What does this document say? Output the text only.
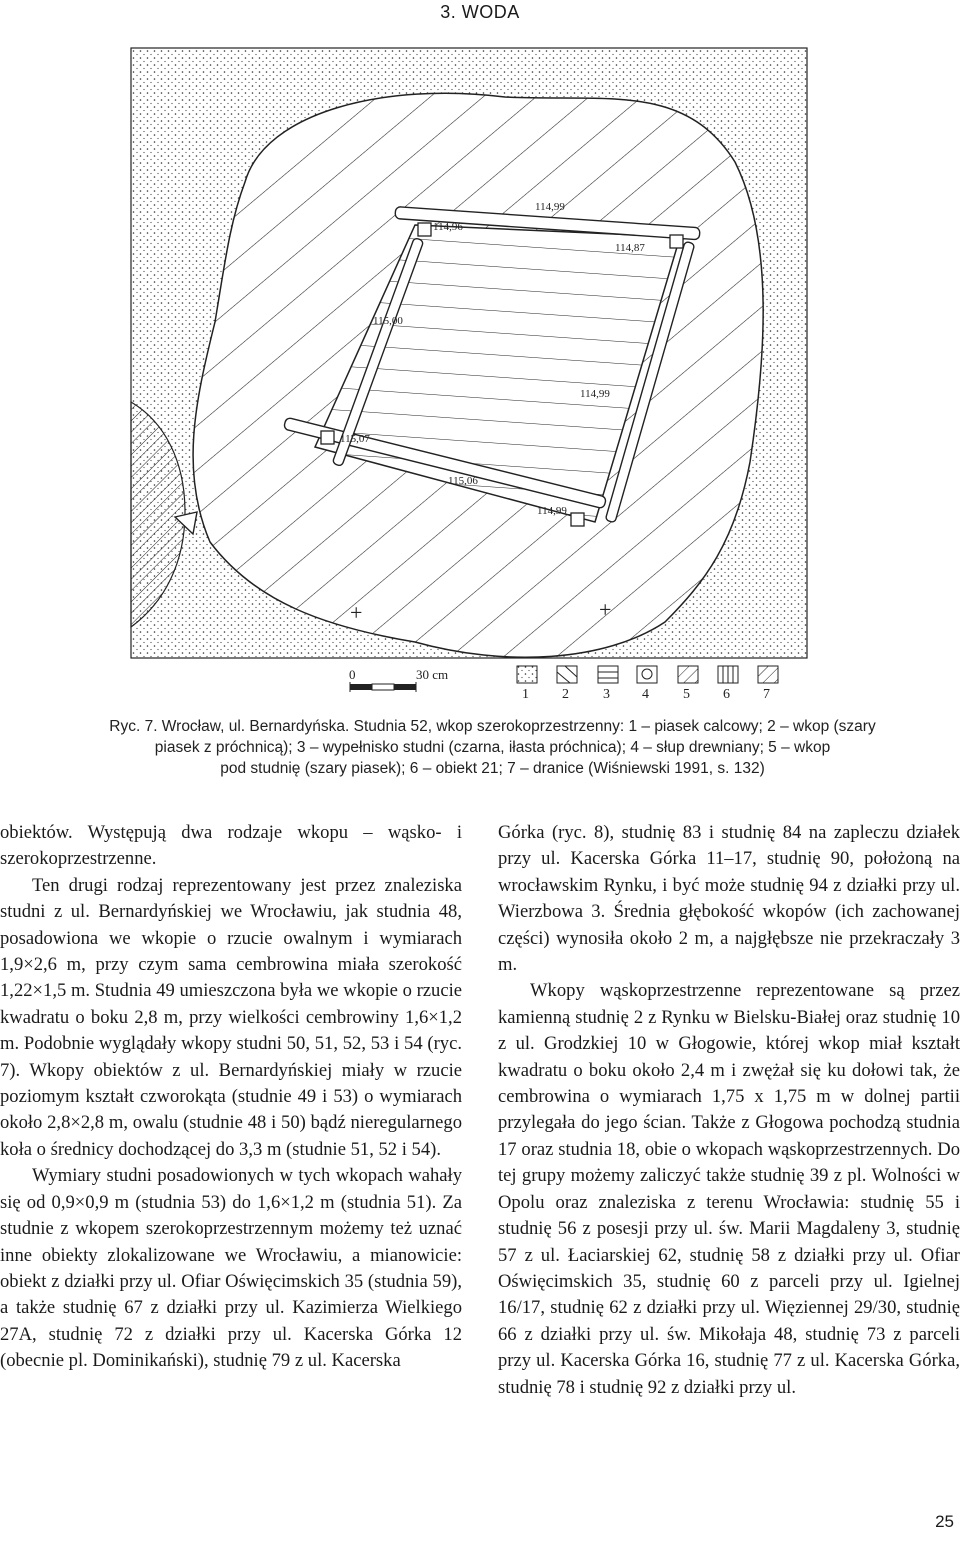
3. WODA
114,99
114,96
114,87
115,00
114,99
115,07
115,06
114,99
+	+
0	30 cm
1 2 3 4 5 6 7
Ryc. 7. Wrocław, ul. Bernardyńska. Studnia 52, wkop szerokoprzestrzenny: 1 – piasek calcowy; 2 – wkop (szary
piasek z próchnicą); 3 – wypełnisko studni (czarna, iłasta próchnica); 4 – słup drewniany; 5 – wkop
pod studnię (szary piasek); 6 – obiekt 21; 7 – dranice (Wiśniewski 1991, s. 132)

obiektów. Występują dwa rodzaje wkopu – wąsko- i szerokoprzestrzenne.

Ten drugi rodzaj reprezentowany jest przez znaleziska studni z ul. Bernardyńskiej we Wrocławiu, jak studnia 48, posadowiona we wkopie o rzucie owalnym i wymiarach 1,9×2,6 m, przy czym sama cembrowina miała szerokość 1,22×1,5 m. Studnia 49 umieszczona była we wkopie o rzucie kwadratu o boku 2,8 m, przy wielkości cembrowiny 1,6×1,2 m. Podobnie wyglądały wkopy studni 50, 51, 52, 53 i 54 (ryc. 7). Wkopy obiektów z ul. Bernardyńskiej miały w rzucie poziomym kształt czworokąta (studnie 49 i 53) o wymiarach około 2,8×2,8 m, owalu (studnie 48 i 50) bądź nieregularnego koła o średnicy dochodzącej do 3,3 m (studnie 51, 52 i 54).

Wymiary studni posadowionych w tych wkopach wahały się od 0,9×0,9 m (studnia 53) do 1,6×1,2 m (studnia 51). Za studnie z wkopem szerokoprzestrzennym możemy też uznać inne obiekty zlokalizowane we Wrocławiu, a mianowicie: obiekt z działki przy ul. Ofiar Oświęcimskich 35 (studnia 59), a także studnię 67 z działki przy ul. Kazimierza Wielkiego 27A, studnię 72 z działki przy ul. Kacerska Górka 12 (obecnie pl. Dominikański), studnię 79 z ul. Kacerska

Górka (ryc. 8), studnię 83 i studnię 84 na zapleczu działek przy ul. Kacerska Górka 11–17, studnię 90, położoną na wrocławskim Rynku, i być może studnię 94 z działki przy ul. Wierzbowa 3. Średnia głębokość wkopów (ich zachowanej części) wynosiła około 2 m, a najgłębsze nie przekraczały 3 m.

Wkopy wąskoprzestrzenne reprezentowane są przez kamienną studnię 2 z Rynku w Bielsku-Białej oraz studnię 10 z ul. Grodzkiej 10 w Głogowie, której wkop miał kształt kwadratu o boku około 2,4 m i zwężał się ku dołowi tak, że cembrowina o wymiarach 1,75 x 1,75 m w dolnej partii przylegała do jego ścian. Także z Głogowa pochodzą studnia 17 oraz studnia 18, obie o wkopach wąskoprzestrzennych. Do tej grupy możemy zaliczyć także studnię 39 z pl. Wolności w Opolu oraz znaleziska z terenu Wrocławia: studnię 55 i studnię 56 z posesji przy ul. św. Marii Magdaleny 3, studnię 57 z ul. Łaciarskiej 62, studnię 58 z działki przy ul. Ofiar Oświęcimskich 35, studnię 60 z parceli przy ul. Igielnej 16/17, studnię 62 z działki przy ul. Więziennej 29/30, studnię 66 z działki przy ul. św. Mikołaja 48, studnię 73 z parceli przy ul. Kacerska Górka 16, studnię 77 z ul. Kacerska Górka, studnię 78 i studnię 92 z działki przy ul.

25
